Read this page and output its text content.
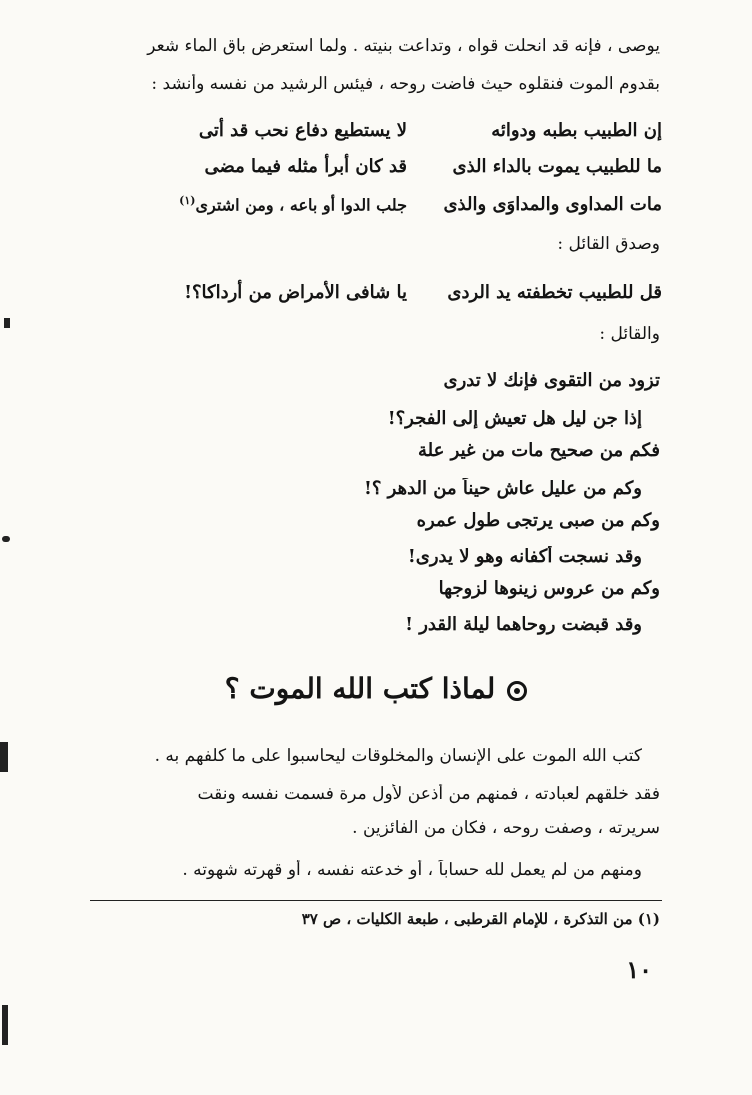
يوصى ، فإنه قد انحلت قواه ، وتداعت بنيته . ولما استعرض باق الماء شعر
بقدوم الموت فنقلوه حيث فاضت روحه ، فيئس الرشيد من نفسه وأنشد :
إن الطبيب بطبه ودوائه
لا يستطيع دفاع نحب قد أتى
ما للطبيب يموت بالداء الذى
قد كان أبرأ مثله فيما مضى
مات المداوى والمداوَى والذى
جلب الدوا أو باعه ، ومن اشترى$^{(١)}$
وصدق القائل :
قل للطبيب تخطفته يد الردى
يا شافى الأمراض من أرداكا؟!
والقائل :
تزود من التقوى فإنك لا تدرى
إذا جن ليل هل تعيش إلى الفجر؟!
فكم من صحيح مات من غير علة
وكم من عليل عاش حيناً من الدهر ؟!
وكم من صبى يرتجى طول عمره
وقد نسجت أكفانه وهو لا يدرى!
وكم من عروس زينوها لزوجها
وقد قبضت روحاهما ليلة القدر !
لماذا كتب الله الموت ؟
كتب الله الموت على الإنسان والمخلوقات ليحاسبوا على ما كلفهم به .
فقد خلقهم لعبادته ، فمنهم من أذعن لأول مرة فسمت نفسه ونقت
سريرته ، وصفت روحه ، فكان من الفائزين .
ومنهم من لم يعمل لله حساباً ، أو خدعته نفسه ، أو قهرته شهوته .
(١) من التذكرة ، للإمام القرطبى ، طبعة الكليات ، ص ٣٧
١٠
